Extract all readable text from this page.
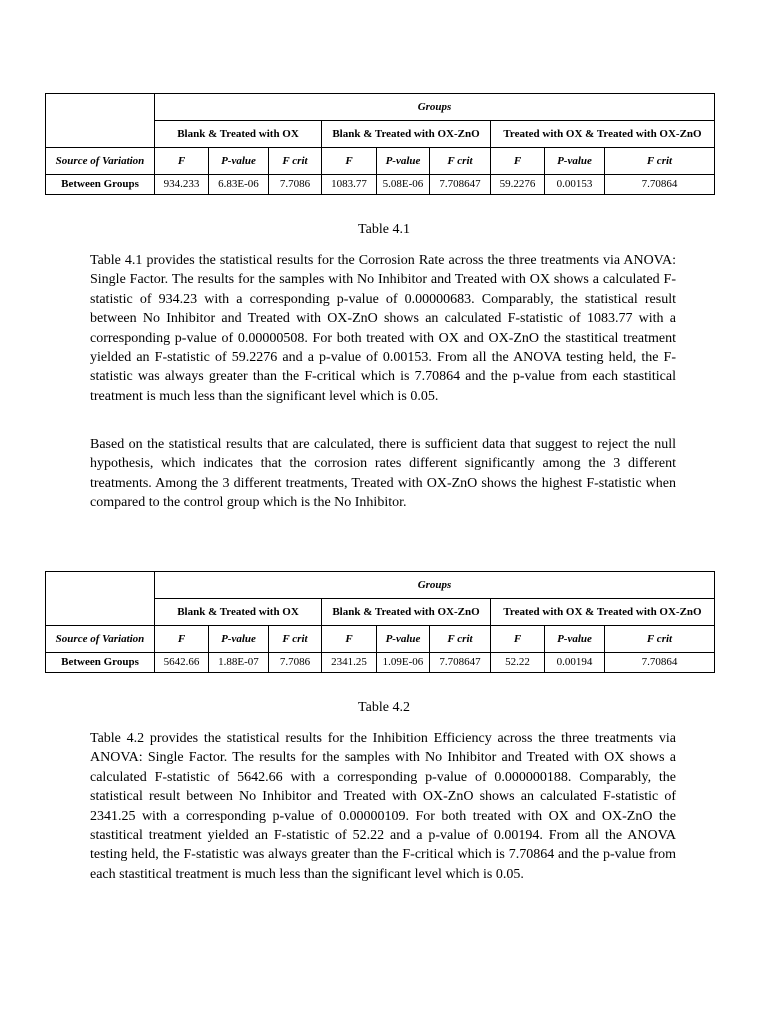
	Groups								
	Blank & Treated with OX			Blank & Treated with OX-ZnO			Treated with OX & Treated with OX-ZnO		
Source of Variation	F	P-value	F crit	F	P-value	F crit	F	P-value	F crit
Between Groups	934.233	6.83E-06	7.7086	1083.77	5.08E-06	7.708647	59.2276	0.00153	7.70864
Table 4.1

Table 4.1 provides the statistical results for the Corrosion Rate across the three treatments via ANOVA: Single Factor. The results for the samples with No Inhibitor and Treated with OX shows a calculated F-statistic of 934.23 with a corresponding p-value of 0.00000683. Comparably, the statistical result between No Inhibitor and Treated with OX-ZnO shows an calculated F-statistic of 1083.77 with a corresponding p-value of 0.00000508. For both treated with OX and OX-ZnO the stastitical treatment yielded an F-statistic of 59.2276 and a p-value of 0.00153. From all the ANOVA testing held, the F-statistic was always greater than the F-critical which is 7.70864 and the p-value from each stastitical treatment is much less than the significant level which is 0.05.

Based on the statistical results that are calculated, there is sufficient data that suggest to reject the null hypothesis, which indicates that the corrosion rates different significantly among the 3 different treatments. Among the 3 different treatments, Treated with OX-ZnO shows the highest F-statistic when compared to the control group which is the No Inhibitor.

	Groups								
	Blank & Treated with OX			Blank & Treated with OX-ZnO			Treated with OX & Treated with OX-ZnO		
Source of Variation	F	P-value	F crit	F	P-value	F crit	F	P-value	F crit
Between Groups	5642.66	1.88E-07	7.7086	2341.25	1.09E-06	7.708647	52.22	0.00194	7.70864
Table 4.2

Table 4.2 provides the statistical results for the Inhibition Efficiency across the three treatments via ANOVA: Single Factor. The results for the samples with No Inhibitor and Treated with OX shows a calculated F-statistic of 5642.66 with a corresponding p-value of 0.000000188. Comparably, the statistical result between No Inhibitor and Treated with OX-ZnO shows an calculated F-statistic of 2341.25 with a corresponding p-value of 0.00000109. For both treated with OX and OX-ZnO the stastitical treatment yielded an F-statistic of 52.22 and a p-value of 0.00194. From all the ANOVA testing held, the F-statistic was always greater than the F-critical which is 7.70864 and the p-value from each stastitical treatment is much less than the significant level which is 0.05.
